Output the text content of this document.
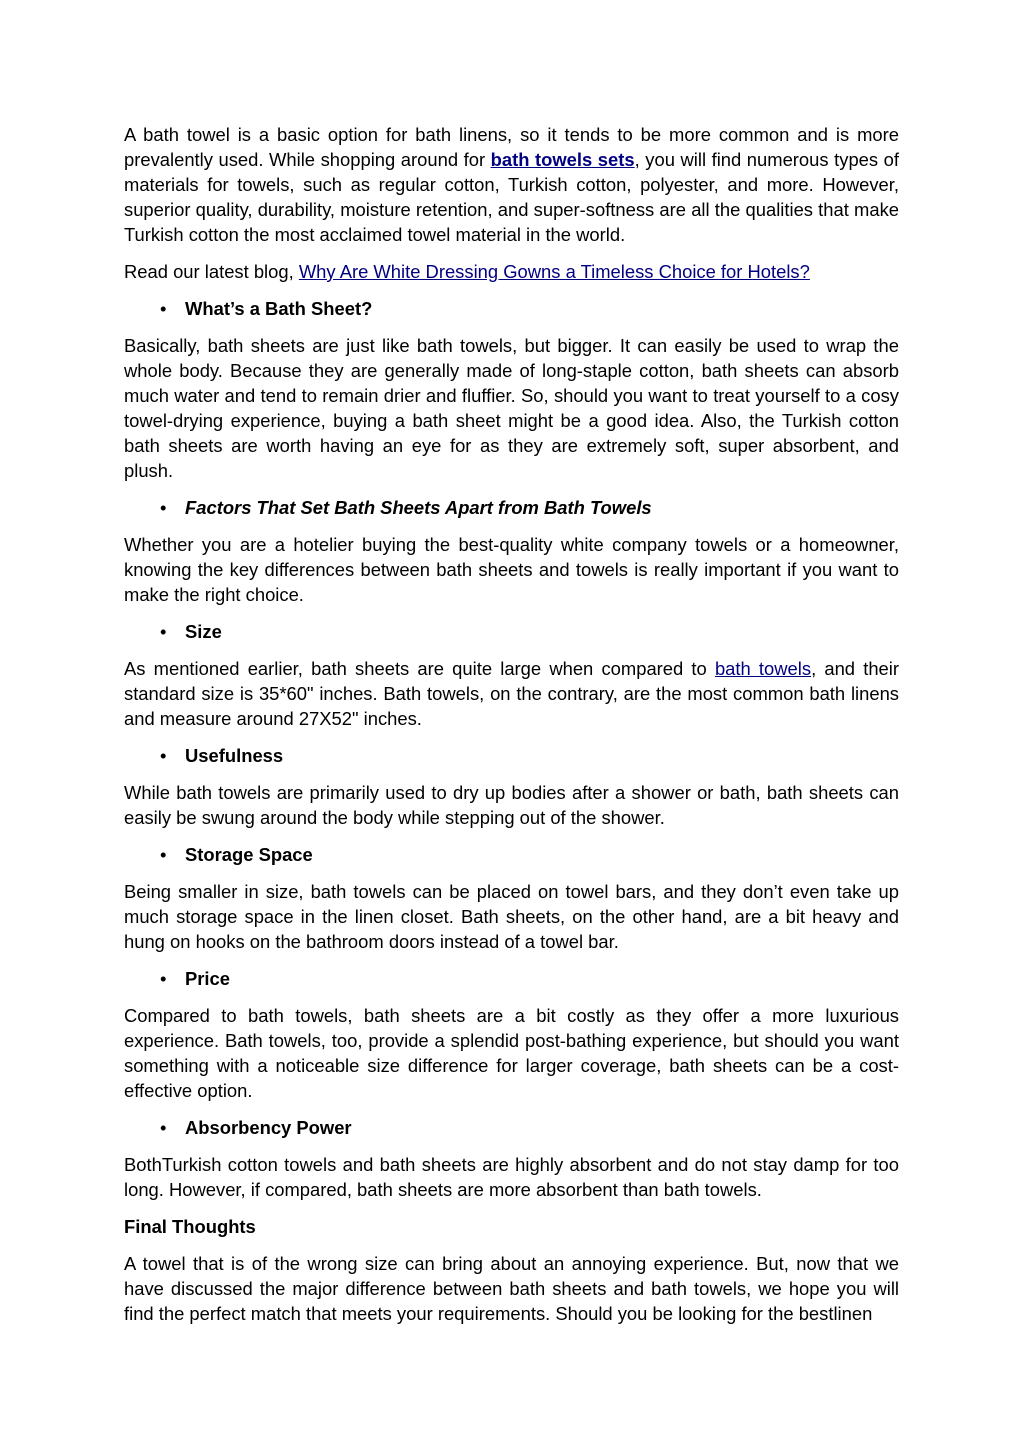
A bath towel is a basic option for bath linens, so it tends to be more common and is more prevalently used. While shopping around for bath towels sets, you will find numerous types of materials for towels, such as regular cotton, Turkish cotton, polyester, and more. However, superior quality, durability, moisture retention, and super-softness are all the qualities that make Turkish cotton the most acclaimed towel material in the world.

Read our latest blog, Why Are White Dressing Gowns a Timeless Choice for Hotels?

• What’s a Bath Sheet?

Basically, bath sheets are just like bath towels, but bigger. It can easily be used to wrap the whole body. Because they are generally made of long-staple cotton, bath sheets can absorb much water and tend to remain drier and fluffier. So, should you want to treat yourself to a cosy towel-drying experience, buying a bath sheet might be a good idea. Also, the Turkish cotton bath sheets are worth having an eye for as they are extremely soft, super absorbent, and plush.

• Factors That Set Bath Sheets Apart from Bath Towels

Whether you are a hotelier buying the best-quality white company towels or a homeowner, knowing the key differences between bath sheets and towels is really important if you want to make the right choice.

• Size

As mentioned earlier, bath sheets are quite large when compared to bath towels, and their standard size is 35*60" inches. Bath towels, on the contrary, are the most common bath linens and measure around 27X52" inches.

• Usefulness

While bath towels are primarily used to dry up bodies after a shower or bath, bath sheets can easily be swung around the body while stepping out of the shower.

• Storage Space

Being smaller in size, bath towels can be placed on towel bars, and they don’t even take up much storage space in the linen closet. Bath sheets, on the other hand, are a bit heavy and hung on hooks on the bathroom doors instead of a towel bar.

• Price

Compared to bath towels, bath sheets are a bit costly as they offer a more luxurious experience. Bath towels, too, provide a splendid post-bathing experience, but should you want something with a noticeable size difference for larger coverage, bath sheets can be a cost-effective option.

• Absorbency Power

BothTurkish cotton towels and bath sheets are highly absorbent and do not stay damp for too long. However, if compared, bath sheets are more absorbent than bath towels.

Final Thoughts

A towel that is of the wrong size can bring about an annoying experience. But, now that we have discussed the major difference between bath sheets and bath towels, we hope you will find the perfect match that meets your requirements. Should you be looking for the bestlinen
